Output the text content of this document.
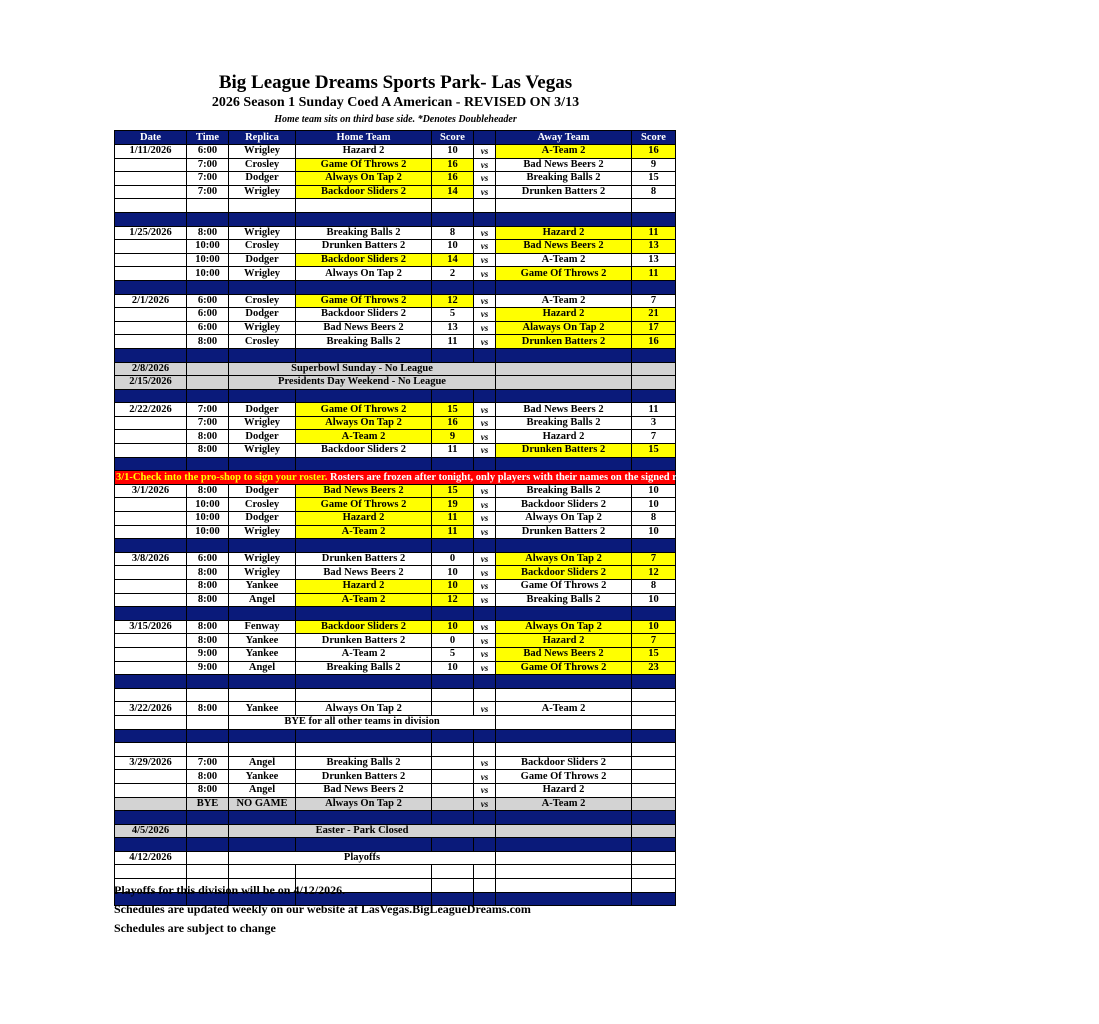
Big League Dreams Sports Park- Las Vegas
2026 Season 1 Sunday Coed A American - REVISED ON 3/13
Home team sits on third base side. *Denotes Doubleheader
Date	Time	Replica	Home Team	Score		Away Team	Score
1/11/2026	6:00	Wrigley	Hazard 2	10	vs	A-Team 2	16
	7:00	Crosley	Game Of Throws 2	16	vs	Bad News Beers 2	9
	7:00	Dodger	Always On Tap 2	16	vs	Breaking Balls 2	15
	7:00	Wrigley	Backdoor Sliders 2	14	vs	Drunken Batters 2	8

1/25/2026	8:00	Wrigley	Breaking Balls 2	8	vs	Hazard 2	11
	10:00	Crosley	Drunken Batters 2	10	vs	Bad News Beers 2	13
	10:00	Dodger	Backdoor Sliders 2	14	vs	A-Team 2	13
	10:00	Wrigley	Always On Tap 2	2	vs	Game Of Throws 2	11

2/1/2026	6:00	Crosley	Game Of Throws 2	12	vs	A-Team 2	7
	6:00	Dodger	Backdoor Sliders 2	5	vs	Hazard 2	21
	6:00	Wrigley	Bad News Beers 2	13	vs	Alaways On Tap 2	17
	8:00	Crosley	Breaking Balls 2	11	vs	Drunken Batters 2	16

2/8/2026		Superbowl Sunday - No League					
2/15/2026		Presidents Day Weekend - No League					

2/22/2026	7:00	Dodger	Game Of Throws 2	15	vs	Bad News Beers 2	11
	7:00	Wrigley	Always On Tap 2	16	vs	Breaking Balls 2	3
	8:00	Dodger	A-Team 2	9	vs	Hazard 2	7
	8:00	Wrigley	Backdoor Sliders 2	11	vs	Drunken Batters 2	15

3/1-Check into the pro-shop to sign your roster. Rosters are frozen after tonight, only players with their names on the signed roster are eligible for playoffs. Please check carefully as changes will not be made for omissions.							
3/1/2026	8:00	Dodger	Bad News Beers 2	15	vs	Breaking Balls 2	10
	10:00	Crosley	Game Of Throws 2	19	vs	Backdoor Sliders 2	10
	10:00	Dodger	Hazard 2	11	vs	Always On Tap 2	8
	10:00	Wrigley	A-Team 2	11	vs	Drunken Batters 2	10

3/8/2026	6:00	Wrigley	Drunken Batters 2	0	vs	Always On Tap 2	7
	8:00	Wrigley	Bad News Beers 2	10	vs	Backdoor Sliders 2	12
	8:00	Yankee	Hazard 2	10	vs	Game Of Throws 2	8
	8:00	Angel	A-Team 2	12	vs	Breaking Balls 2	10

3/15/2026	8:00	Fenway	Backdoor Sliders 2	10	vs	Always On Tap 2	10
	8:00	Yankee	Drunken Batters 2	0	vs	Hazard 2	7
	9:00	Yankee	A-Team 2	5	vs	Bad News Beers 2	15
	9:00	Angel	Breaking Balls 2	10	vs	Game Of Throws 2	23

3/22/2026	8:00	Yankee	Always On Tap 2		vs	A-Team 2	
		BYE for all other teams in division					

3/29/2026	7:00	Angel	Breaking Balls 2		vs	Backdoor Sliders 2	
	8:00	Yankee	Drunken Batters 2		vs	Game Of Throws 2	
	8:00	Angel	Bad News Beers 2		vs	Hazard 2	
	BYE	NO GAME	Always On Tap 2		vs	A-Team 2	

4/5/2026		Easter - Park Closed					

4/12/2026		Playoffs					

Playoffs for this division will be on 4/12/2026.
Schedules are updated weekly on our website at LasVegas.BigLeagueDreams.com
Schedules are subject to change
